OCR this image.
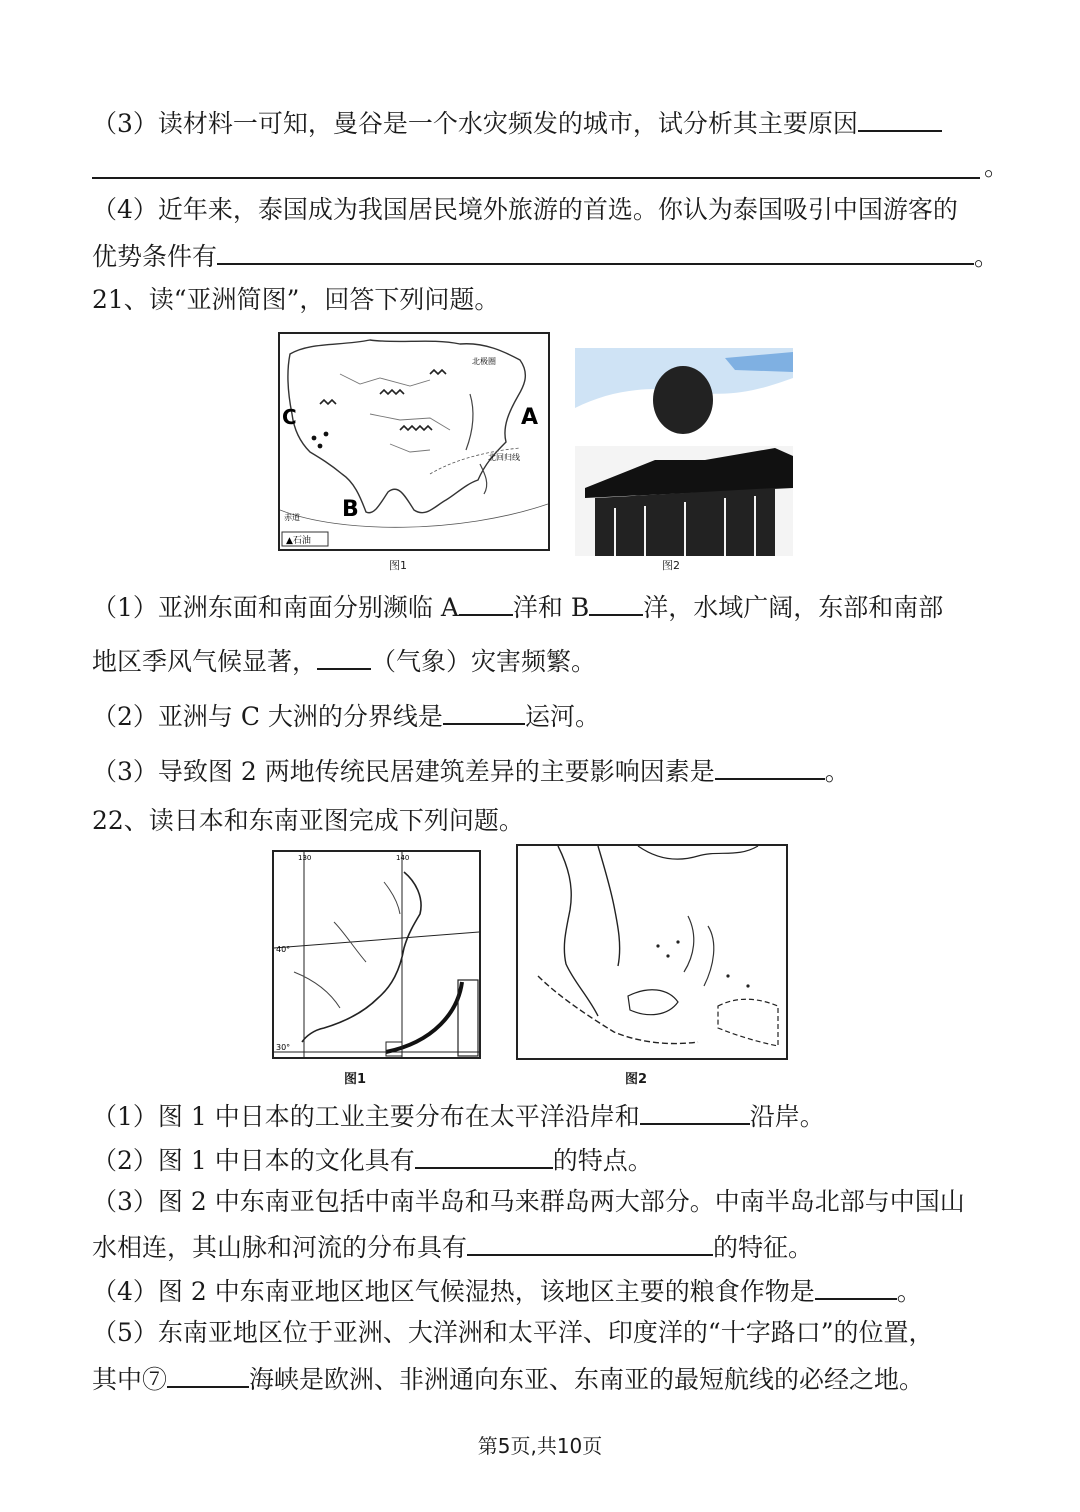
（3）读材料一可知，曼谷是一个水灾频发的城市，试分析其主要原因
。
（4）近年来，泰国成为我国居民境外旅游的首选。你认为泰国吸引中国游客的
优势条件有	。
21、读“亚洲简图”，回答下列问题。
A
B
C
北回归线
北极圈
赤道
▲石油
图1	图2
（1）亚洲东面和南面分别濒临 A 洋和 B 洋，水域广阔，东部和南部
地区季风气候显著， （气象）灾害频繁。
（2）亚洲与 C 大洲的分界线是	运河。
（3）导致图 2 两地传统民居建筑差异的主要影响因素是	。
22、读日本和东南亚图完成下列问题。
40°
30°
130	140
图1	图2
（1）图 1 中日本的工业主要分布在太平洋沿岸和	沿岸。
（2）图 1 中日本的文化具有	的特点。
（3）图 2 中东南亚包括中南半岛和马来群岛两大部分。中南半岛北部与中国山
水相连，其山脉和河流的分布具有	的特征。
（4）图 2 中东南亚地区地区气候湿热，该地区主要的粮食作物是	。
（5）东南亚地区位于亚洲、大洋洲和太平洋、印度洋的“十字路口”的位置，
其中⑦	海峡是欧洲、非洲通向东亚、东南亚的最短航线的必经之地。
第5页,共10页
